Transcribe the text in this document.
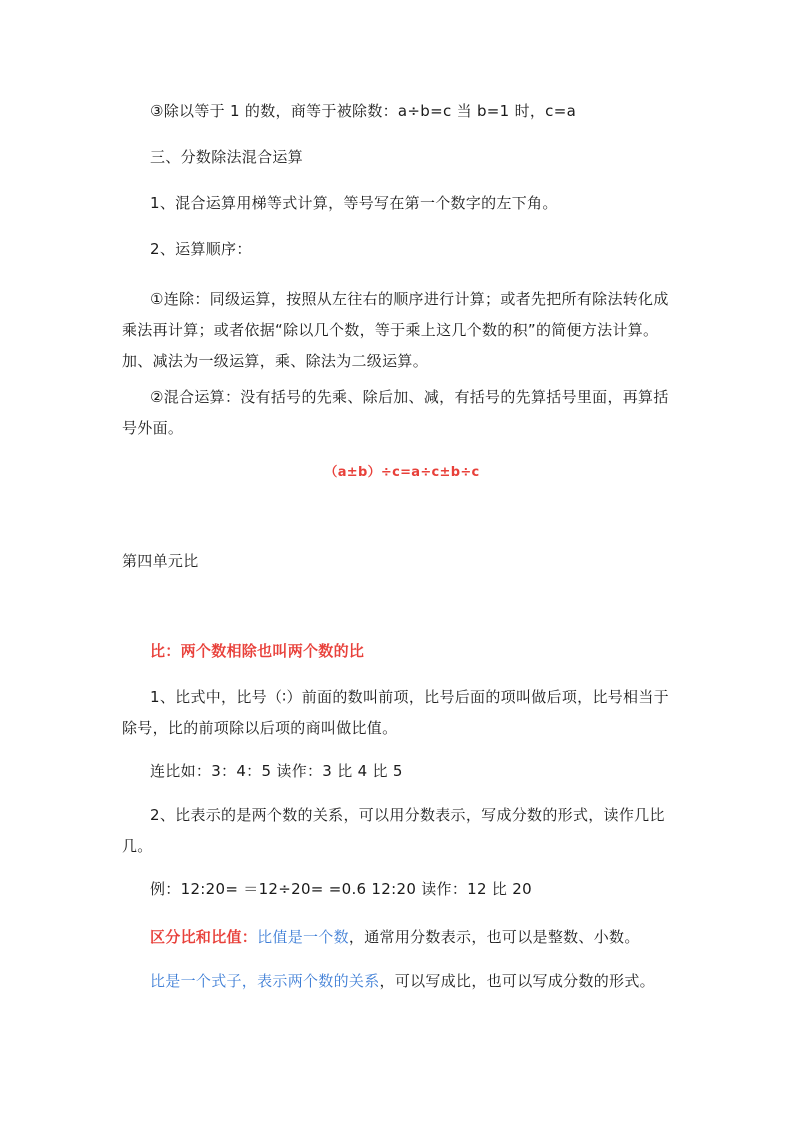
③除以等于 1 的数，商等于被除数：a÷b=c 当 b=1 时，c=a
三、分数除法混合运算
1、混合运算用梯等式计算，等号写在第一个数字的左下角。
2、运算顺序：
①连除：同级运算，按照从左往右的顺序进行计算；或者先把所有除法转化成乘法再计算；或者依据“除以几个数，等于乘上这几个数的积”的简便方法计算。加、减法为一级运算，乘、除法为二级运算。
②混合运算：没有括号的先乘、除后加、减，有括号的先算括号里面，再算括号外面。
（a±b）÷c=a÷c±b÷c
第四单元比
比：两个数相除也叫两个数的比
1、比式中，比号（∶）前面的数叫前项，比号后面的项叫做后项，比号相当于除号，比的前项除以后项的商叫做比值。
连比如：3：4：5 读作：3 比 4 比 5
2、比表示的是两个数的关系，可以用分数表示，写成分数的形式，读作几比几。
例：12:20= ＝12÷20= =0.6 12:20 读作：12 比 20
区分比和比值：比值是一个数，通常用分数表示，也可以是整数、小数。
比是一个式子，表示两个数的关系，可以写成比，也可以写成分数的形式。
